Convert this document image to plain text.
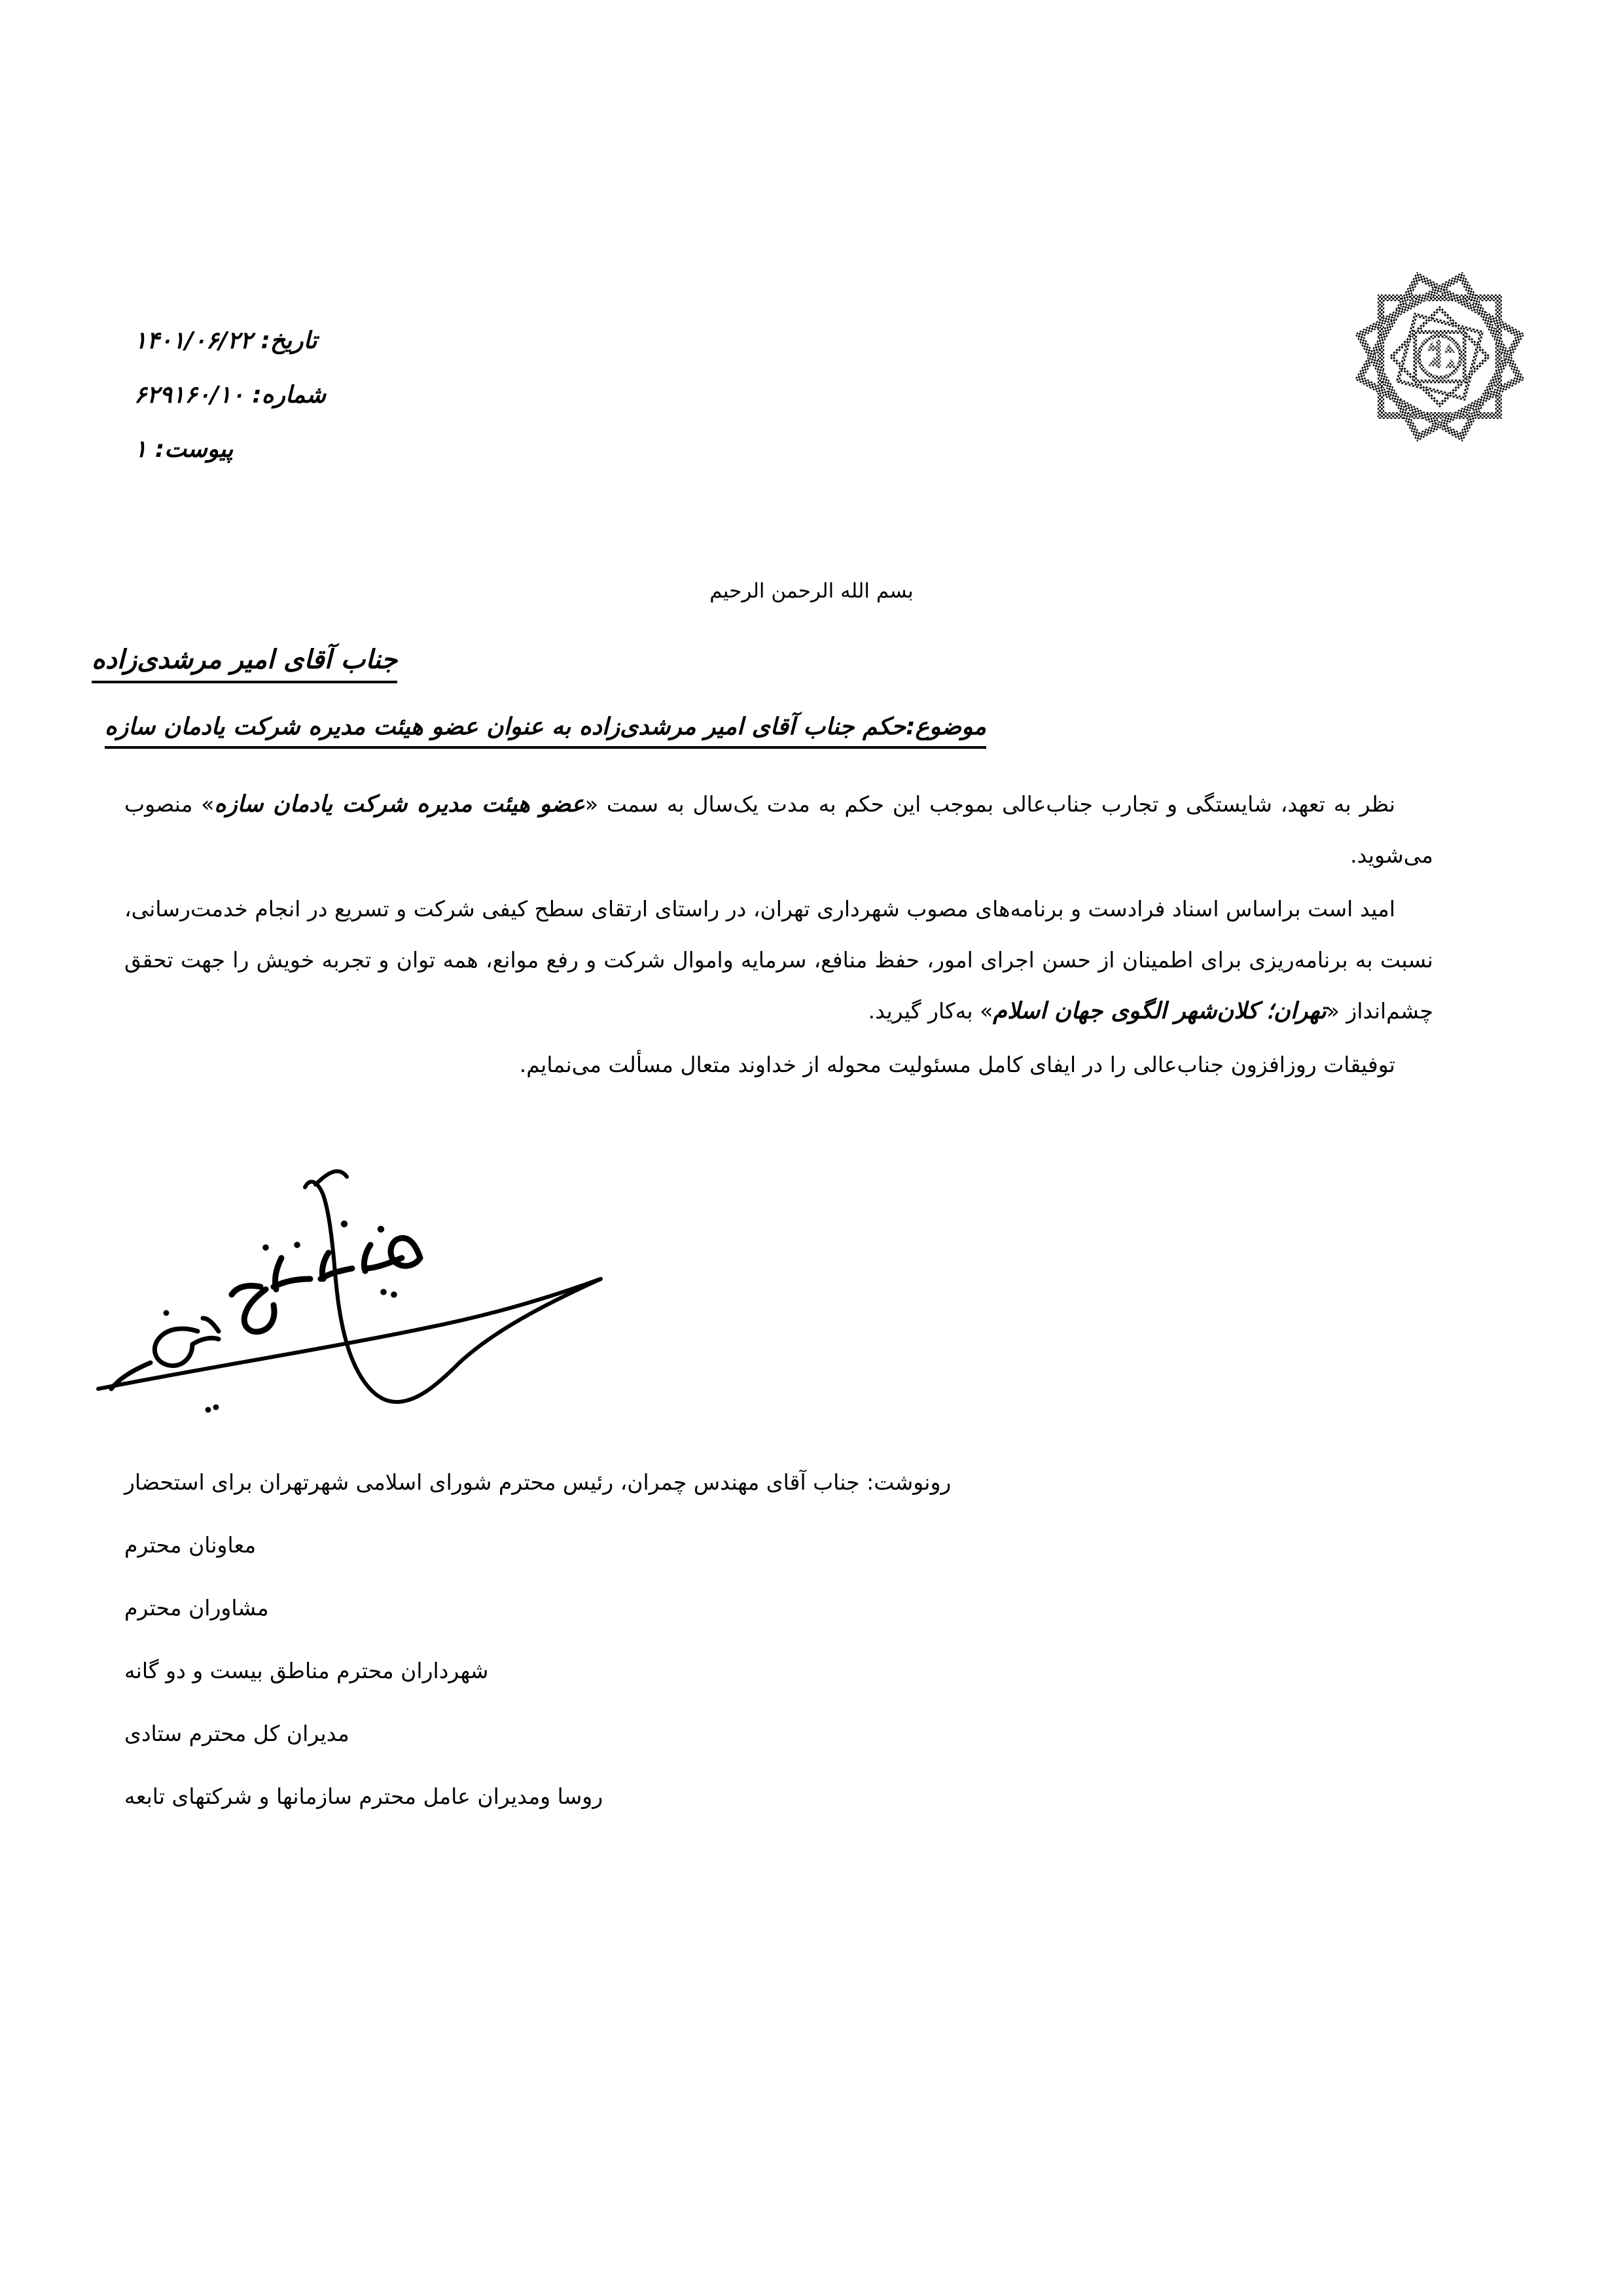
تاریخ: ۱۴۰۱/۰۶/۲۲
شماره: ۶۲۹۱۶۰/۱۰
پیوست: ۱
بسم الله الرحمن الرحیم
جناب آقای امیر مرشدی‌زاده
موضوع:حکم جناب آقای امیر مرشدی‌زاده به عنوان عضو هیئت مدیره شرکت یادمان سازه

نظر به تعهد، شایستگی و تجارب جناب‌عالی بموجب این حکم به مدت یک‌سال به سمت «عضو هیئت مدیره شرکت یادمان سازه» منصوب می‌شوید.

امید است براساس اسناد فرادست و برنامه‌های مصوب شهرداری تهران، در راستای ارتقای سطح کیفی شرکت و تسریع در انجام خدمت‌رسانی، نسبت به برنامه‌ریزی برای اطمینان از حسن اجرای امور، حفظ منافع، سرمایه واموال شرکت و رفع موانع، همه توان و تجربه خویش را جهت تحقق چشم‌انداز «تهران؛ کلان‌شهر الگوی جهان اسلام» به‌کار گیرید.

توفیقات روزافزون جناب‌عالی را در ایفای کامل مسئولیت محوله از خداوند متعال مسألت می‌نمایم.

رونوشت: جناب آقای مهندس چمران، رئیس محترم شورای اسلامی شهرتهران برای استحضار
معاونان محترم
مشاوران محترم
شهرداران محترم مناطق بیست و دو گانه
مدیران کل محترم ستادی
روسا ومدیران عامل محترم سازمانها و شرکتهای تابعه
